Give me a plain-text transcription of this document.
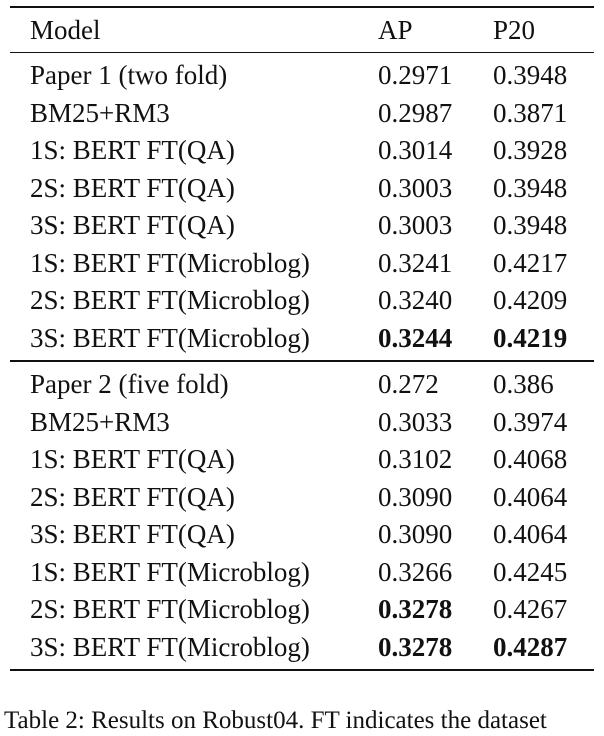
Model	AP	P20
Paper 1 (two fold)	0.2971	0.3948
BM25+RM3	0.2987	0.3871
1S: BERT FT(QA)	0.3014	0.3928
2S: BERT FT(QA)	0.3003	0.3948
3S: BERT FT(QA)	0.3003	0.3948
1S: BERT FT(Microblog)	0.3241	0.4217
2S: BERT FT(Microblog)	0.3240	0.4209
3S: BERT FT(Microblog)	0.3244	0.4219
Paper 2 (five fold)	0.272	0.386
BM25+RM3	0.3033	0.3974
1S: BERT FT(QA)	0.3102	0.4068
2S: BERT FT(QA)	0.3090	0.4064
3S: BERT FT(QA)	0.3090	0.4064
1S: BERT FT(Microblog)	0.3266	0.4245
2S: BERT FT(Microblog)	0.3278	0.4267
3S: BERT FT(Microblog)	0.3278	0.4287
Table 2: Results on Robust04. FT indicates the dataset
